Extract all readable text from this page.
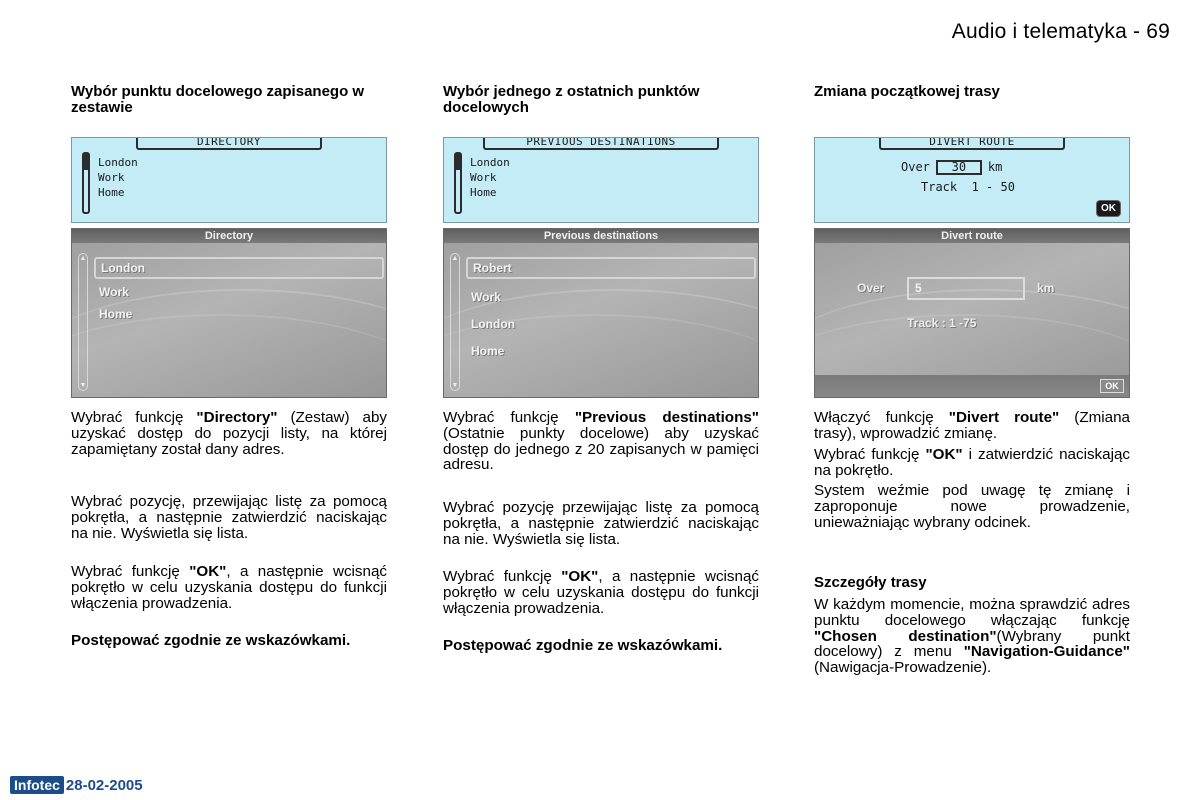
Audio i telematyka - 69
Wybór punktu docelowego zapisanego w zestawie
DIRECTORY
London
Work
Home
Directory
▲
▼
London
Work
Home

Wybrać funkcję "Directory" (Zestaw) aby uzyskać dostęp do pozycji listy, na której zapamiętany został dany adres.

Wybrać pozycję, przewijając listę za pomocą pokrętła, a następnie zatwierdzić naciskając na nie. Wyświetla się lista.

Wybrać funkcję "OK", a następnie wcisnąć pokrętło w celu uzyskania dostępu do funkcji włączenia prowadzenia.

Postępować zgodnie ze wskazówkami.

Wybór jednego z ostatnich punktów docelowych
PREVIOUS DESTINATIONS
London
Work
Home
Previous destinations
▲
▼
Robert
Work
London
Home

Wybrać funkcję "Previous destinations" (Ostatnie punkty docelowe) aby uzyskać dostęp do jednego z 20 zapisanych w pamięci adresu.

Wybrać pozycję przewijając listę za pomocą pokrętła, a następnie zatwierdzić naciskając na nie. Wyświetla się lista.

Wybrać funkcję "OK", a następnie wcisnąć pokrętło w celu uzyskania dostępu do funkcji włączenia prowadzenia.

Postępować zgodnie ze wskazówkami.

Zmiana początkowej trasy
DIVERT ROUTE
Over 30 km
Track 1 - 50
OK
Divert route
Over	5	km
Track : 1 -75
OK

Włączyć funkcję "Divert route" (Zmiana trasy), wprowadzić zmianę.

Wybrać funkcję "OK" i zatwierdzić naciskając na pokrętło.

System weźmie pod uwagę tę zmianę i zaproponuje nowe prowadzenie, unieważniając wybrany odcinek.

Szczegóły trasy

W każdym momencie, można sprawdzić adres punktu docelowego włączając funkcję "Chosen destination"(Wybrany punkt docelowy) z menu "Navigation-Guidance" (Nawigacja-Prowadzenie).

Infotec 28-02-2005
